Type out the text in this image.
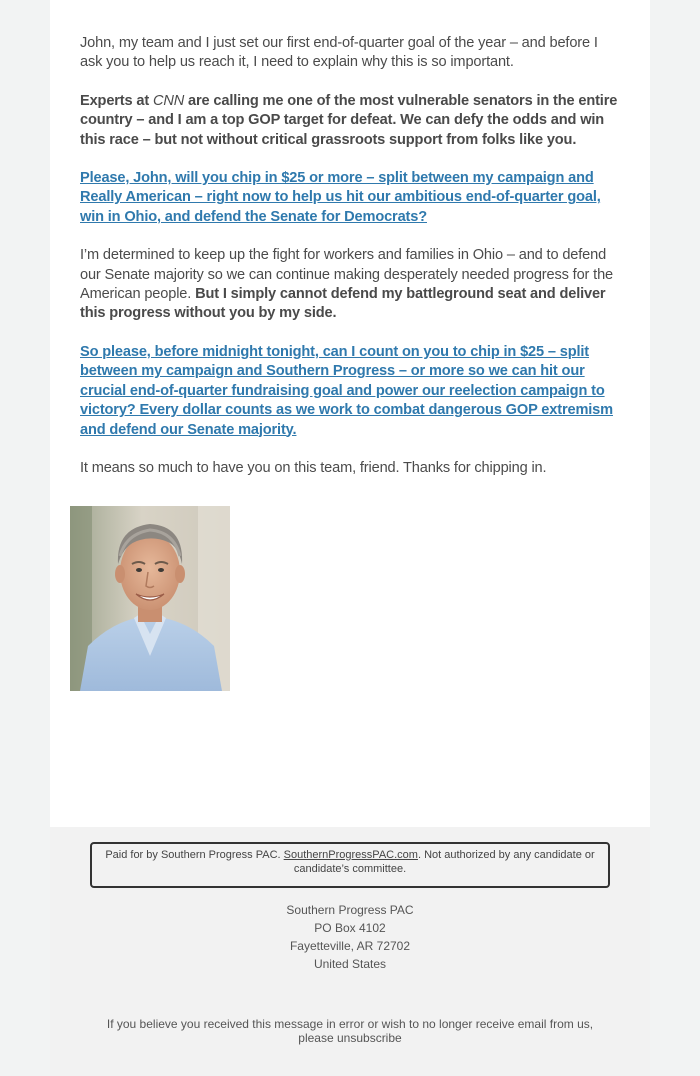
John, my team and I just set our first end-of-quarter goal of the year – and before I ask you to help us reach it, I need to explain why this is so important.

Experts at CNN are calling me one of the most vulnerable senators in the entire country – and I am a top GOP target for defeat. We can defy the odds and win this race – but not without critical grassroots support from folks like you.

Please, John, will you chip in $25 or more – split between my campaign and Really American – right now to help us hit our ambitious end-of-quarter goal, win in Ohio, and defend the Senate for Democrats?

I’m determined to keep up the fight for workers and families in Ohio – and to defend our Senate majority so we can continue making desperately needed progress for the American people. But I simply cannot defend my battleground seat and deliver this progress without you by my side.

So please, before midnight tonight, can I count on you to chip in $25 – split between my campaign and Southern Progress – or more so we can hit our crucial end-of-quarter fundraising goal and power our reelection campaign to victory? Every dollar counts as we work to combat dangerous GOP extremism and defend our Senate majority.

It means so much to have you on this team, friend. Thanks for chipping in.

Paid for by Southern Progress PAC. SouthernProgressPAC.com. Not authorized by any candidate or candidate’s committee.
Southern Progress PAC
PO Box 4102
Fayetteville, AR 72702
United States
If you believe you received this message in error or wish to no longer receive email from us,
please unsubscribe
